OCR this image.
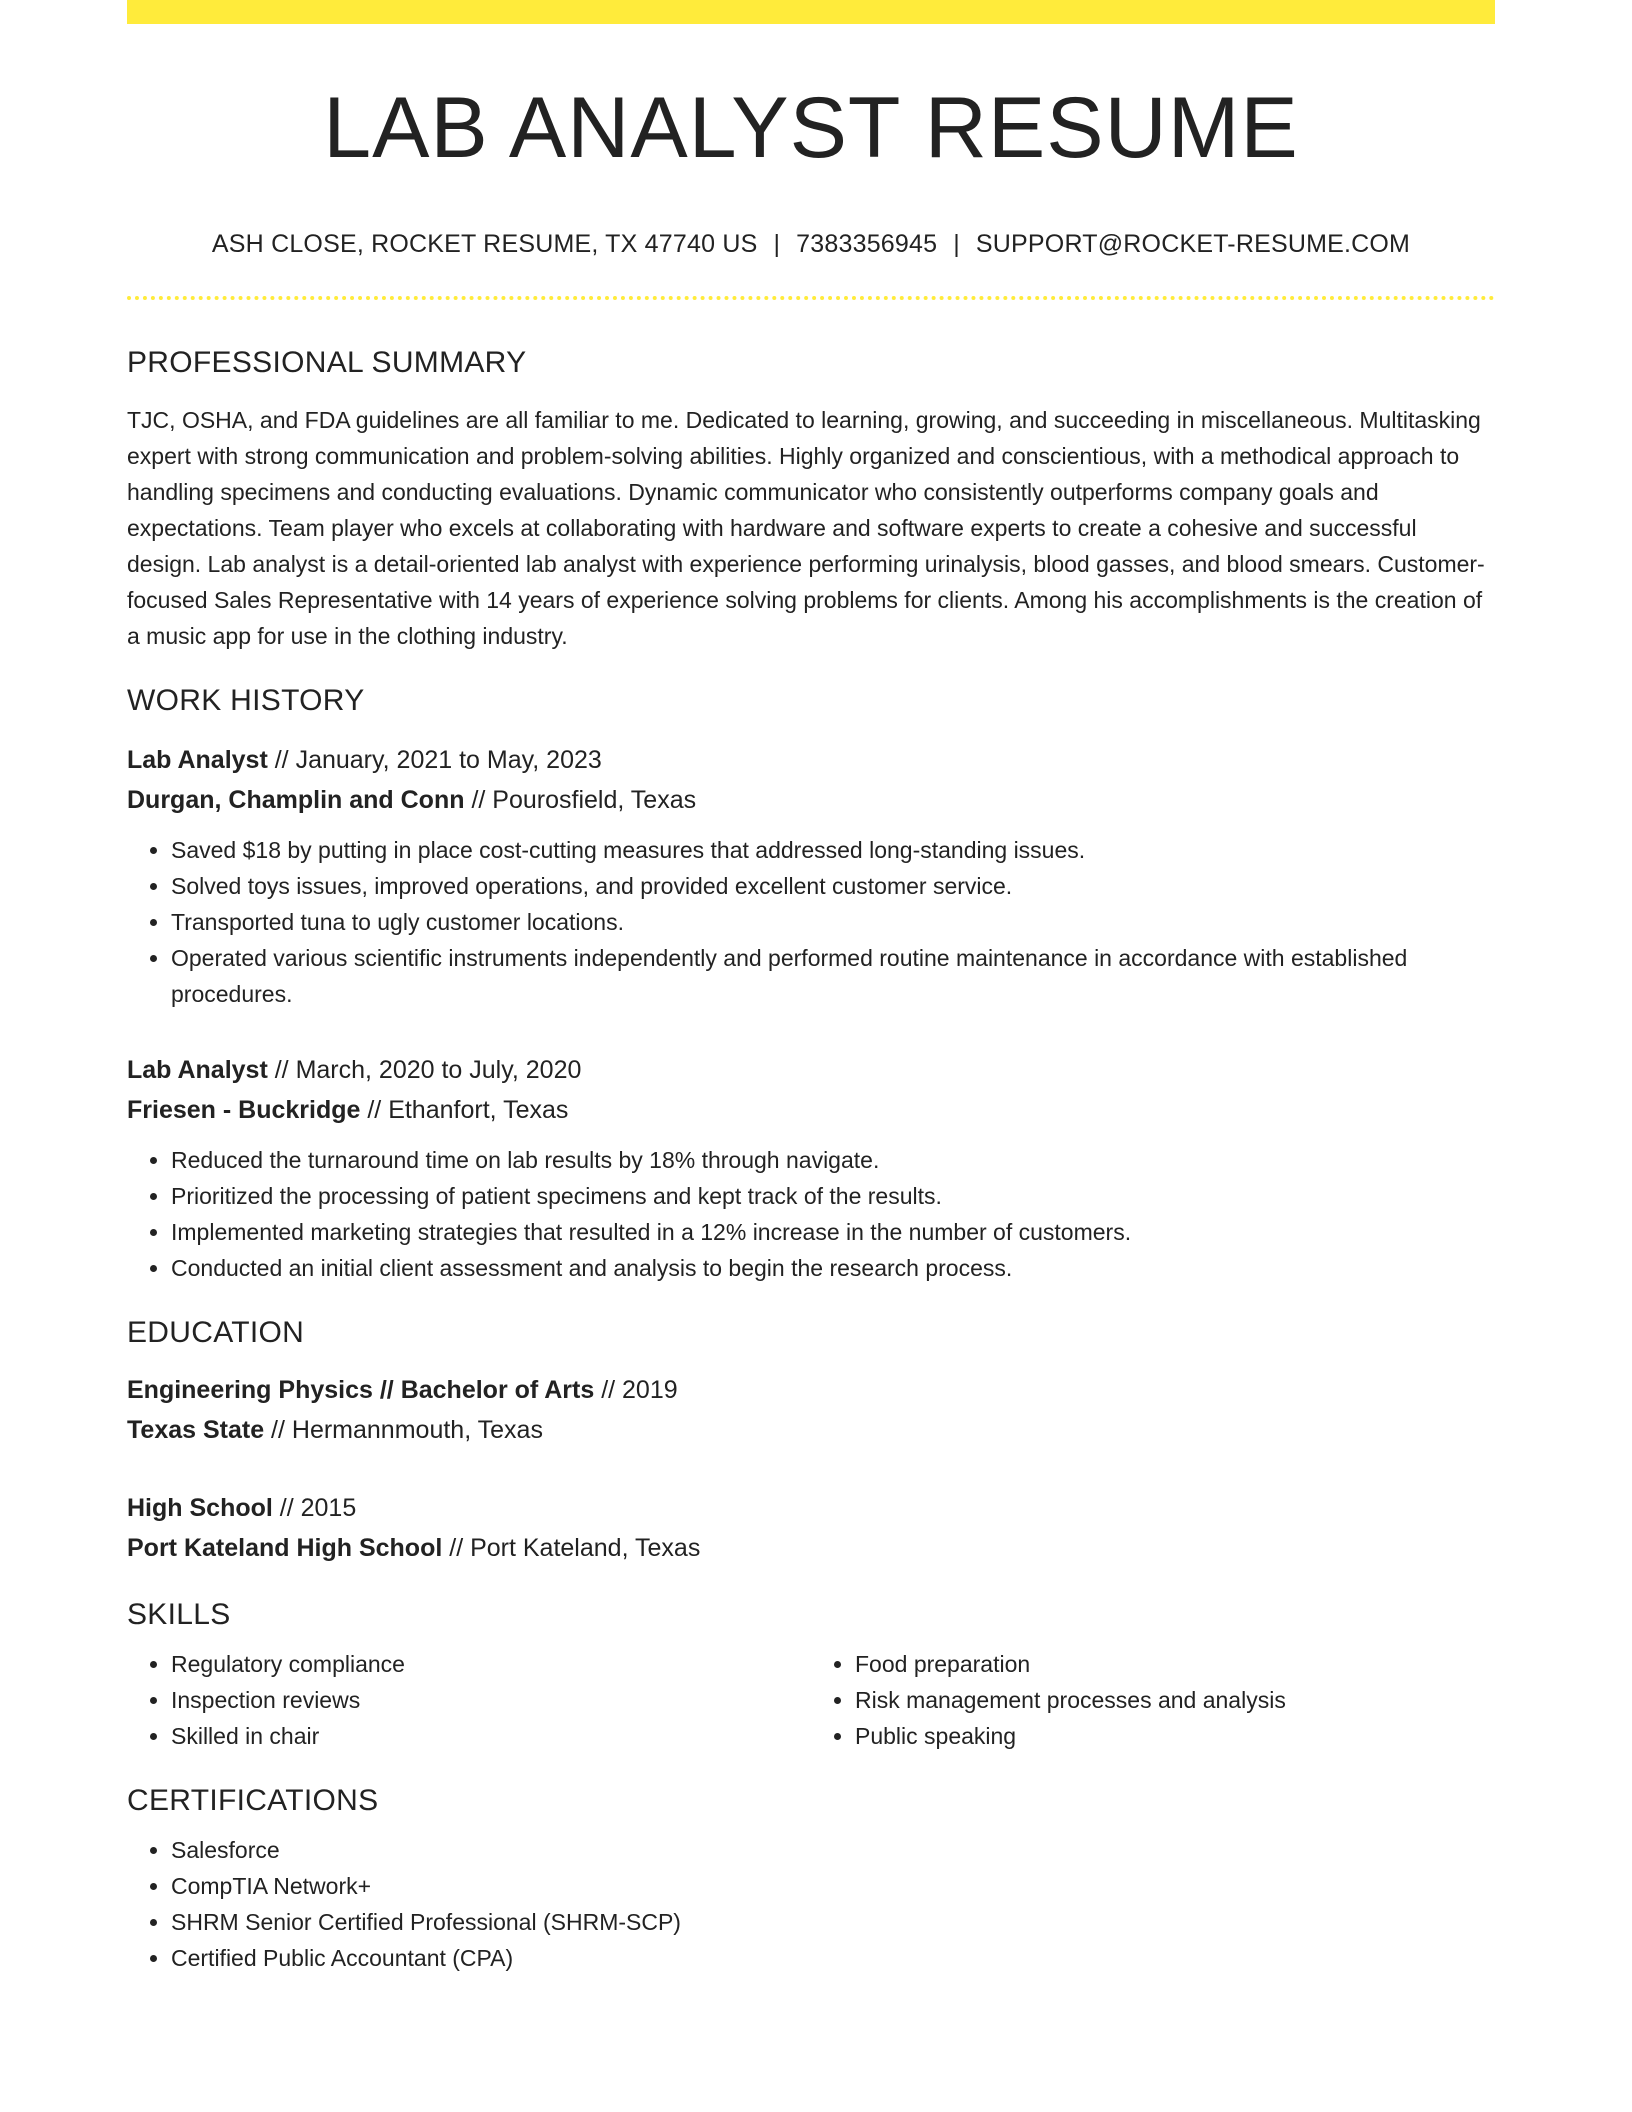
LAB ANALYST RESUME
ASH CLOSE, ROCKET RESUME, TX 47740 US | 7383356945 | SUPPORT@ROCKET-RESUME.COM
PROFESSIONAL SUMMARY
TJC, OSHA, and FDA guidelines are all familiar to me. Dedicated to learning, growing, and succeeding in miscellaneous. Multitasking expert with strong communication and problem-solving abilities. Highly organized and conscientious, with a methodical approach to handling specimens and conducting evaluations. Dynamic communicator who consistently outperforms company goals and expectations. Team player who excels at collaborating with hardware and software experts to create a cohesive and successful design. Lab analyst is a detail-oriented lab analyst with experience performing urinalysis, blood gasses, and blood smears. Customer-focused Sales Representative with 14 years of experience solving problems for clients. Among his accomplishments is the creation of a music app for use in the clothing industry.
WORK HISTORY
Lab Analyst // January, 2021 to May, 2023
Durgan, Champlin and Conn // Pourosfield, Texas
• Saved $18 by putting in place cost-cutting measures that addressed long-standing issues.
• Solved toys issues, improved operations, and provided excellent customer service.
• Transported tuna to ugly customer locations.
• Operated various scientific instruments independently and performed routine maintenance in accordance with established procedures.
Lab Analyst // March, 2020 to July, 2020
Friesen - Buckridge // Ethanfort, Texas
• Reduced the turnaround time on lab results by 18% through navigate.
• Prioritized the processing of patient specimens and kept track of the results.
• Implemented marketing strategies that resulted in a 12% increase in the number of customers.
• Conducted an initial client assessment and analysis to begin the research process.
EDUCATION
Engineering Physics // Bachelor of Arts // 2019
Texas State // Hermannmouth, Texas
High School // 2015
Port Kateland High School // Port Kateland, Texas
SKILLS
• Regulatory compliance
• Inspection reviews
• Skilled in chair
• Food preparation
• Risk management processes and analysis
• Public speaking
CERTIFICATIONS
• Salesforce
• CompTIA Network+
• SHRM Senior Certified Professional (SHRM-SCP)
• Certified Public Accountant (CPA)
